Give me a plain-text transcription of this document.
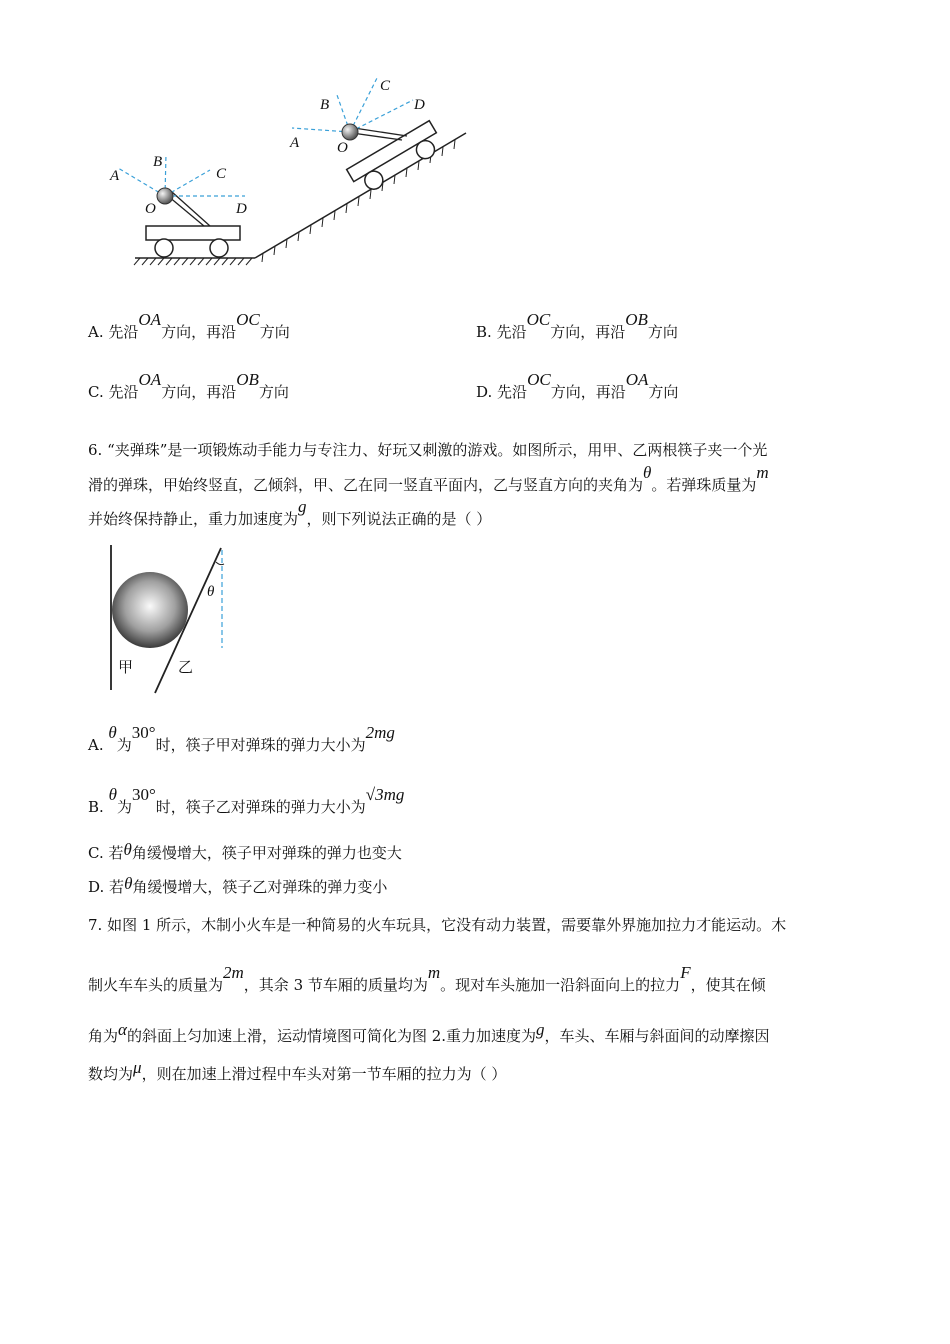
A
B
C
D
O
A
B
C
D
O
A. 先沿OA方向，再沿OC方向	B. 先沿OC方向，再沿OB方向
C. 先沿OA方向，再沿OB方向	D. 先沿OC方向，再沿OA方向
6. “夹弹珠”是一项锻炼动手能力与专注力、好玩又刺激的游戏。如图所示，用甲、乙两根筷子夹一个光
滑的弹珠，甲始终竖直，乙倾斜，甲、乙在同一竖直平面内，乙与竖直方向的夹角为θ。若弹珠质量为m
并始终保持静止，重力加速度为g，则下列说法正确的是（ ）
θ
甲	乙
A. θ为30°时，筷子甲对弹珠的弹力大小为2mg
B. θ为30°时，筷子乙对弹珠的弹力大小为√3mg
C. 若θ角缓慢增大，筷子甲对弹珠的弹力也变大
D. 若θ角缓慢增大，筷子乙对弹珠的弹力变小
7. 如图 1 所示，木制小火车是一种简易的火车玩具，它没有动力装置，需要靠外界施加拉力才能运动。木
制火车车头的质量为2m，其余 3 节车厢的质量均为m。现对车头施加一沿斜面向上的拉力F，使其在倾
角为α的斜面上匀加速上滑，运动情境图可简化为图 2.重力加速度为g，车头、车厢与斜面间的动摩擦因
数均为μ，则在加速上滑过程中车头对第一节车厢的拉力为（ ）
